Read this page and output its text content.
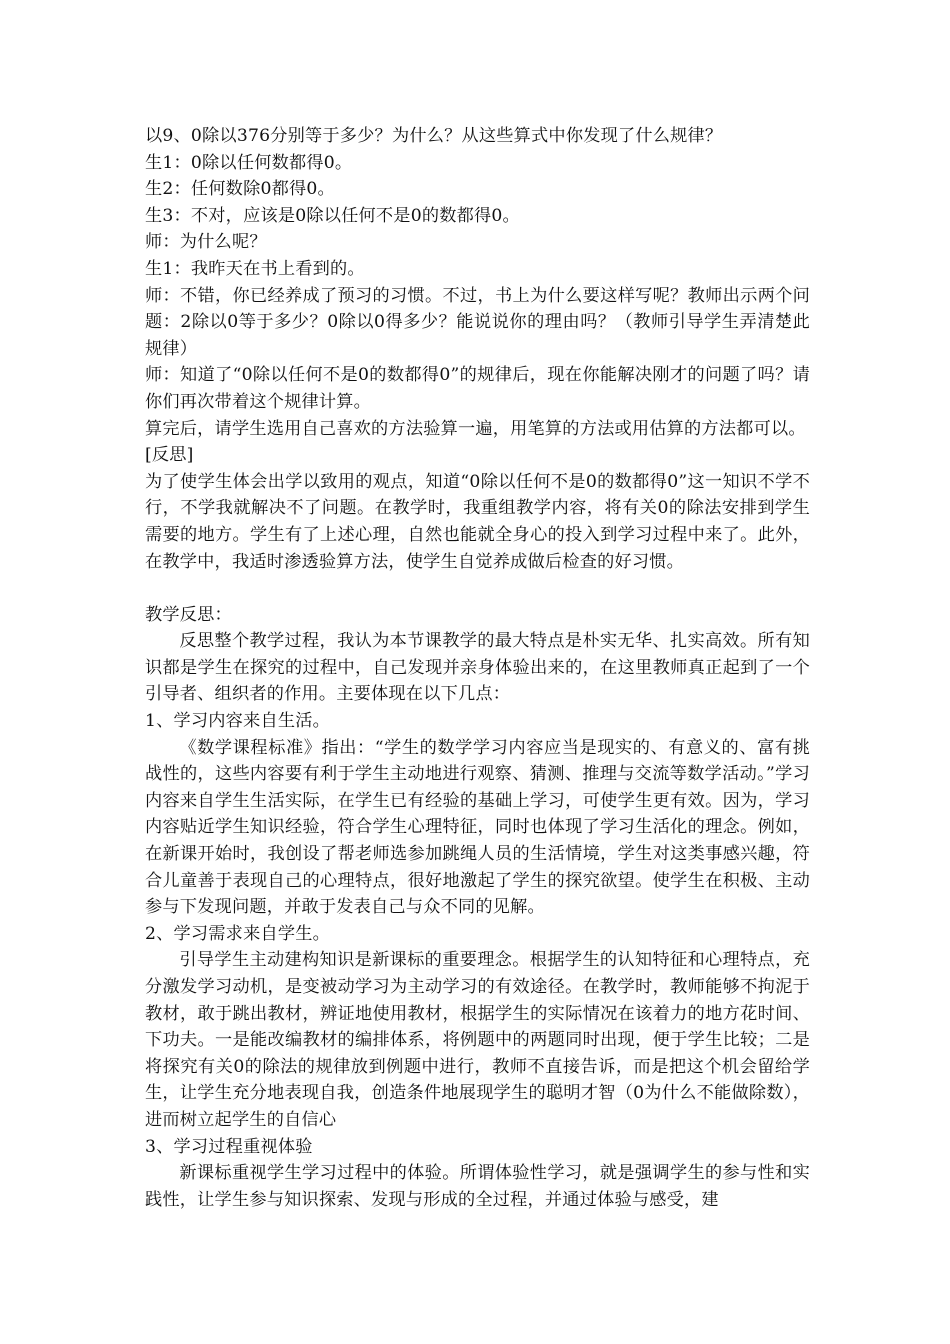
以9、0除以376分别等于多少？为什么？从这些算式中你发现了什么规律？

生1：0除以任何数都得0。

生2：任何数除0都得0。

生3：不对，应该是0除以任何不是0的数都得0。

师：为什么呢？

生1：我昨天在书上看到的。

师：不错，你已经养成了预习的习惯。不过，书上为什么要这样写呢？教师出示两个问题：2除以0等于多少？0除以0得多少？能说说你的理由吗？（教师引导学生弄清楚此规律）

师：知道了“0除以任何不是0的数都得0”的规律后，现在你能解决刚才的问题了吗？请你们再次带着这个规律计算。

算完后，请学生选用自己喜欢的方法验算一遍，用笔算的方法或用估算的方法都可以。

[反思]

为了使学生体会出学以致用的观点，知道“0除以任何不是0的数都得0”这一知识不学不行，不学我就解决不了问题。在教学时，我重组教学内容，将有关0的除法安排到学生需要的地方。学生有了上述心理，自然也能就全身心的投入到学习过程中来了。此外，在教学中，我适时渗透验算方法，使学生自觉养成做后检查的好习惯。

教学反思：

反思整个教学过程，我认为本节课教学的最大特点是朴实无华、扎实高效。所有知识都是学生在探究的过程中，自己发现并亲身体验出来的，在这里教师真正起到了一个引导者、组织者的作用。主要体现在以下几点：

1、学习内容来自生活。

《数学课程标准》指出：“学生的数学学习内容应当是现实的、有意义的、富有挑战性的，这些内容要有利于学生主动地进行观察、猜测、推理与交流等数学活动。”学习内容来自学生生活实际，在学生已有经验的基础上学习，可使学生更有效。因为，学习内容贴近学生知识经验，符合学生心理特征，同时也体现了学习生活化的理念。例如，在新课开始时，我创设了帮老师选参加跳绳人员的生活情境，学生对这类事感兴趣，符合儿童善于表现自己的心理特点，很好地激起了学生的探究欲望。使学生在积极、主动参与下发现问题，并敢于发表自己与众不同的见解。

2、学习需求来自学生。

引导学生主动建构知识是新课标的重要理念。根据学生的认知特征和心理特点，充分激发学习动机，是变被动学习为主动学习的有效途径。在教学时，教师能够不拘泥于教材，敢于跳出教材，辨证地使用教材，根据学生的实际情况在该着力的地方花时间、下功夫。一是能改编教材的编排体系，将例题中的两题同时出现，便于学生比较；二是将探究有关0的除法的规律放到例题中进行，教师不直接告诉，而是把这个机会留给学生，让学生充分地表现自我，创造条件地展现学生的聪明才智（0为什么不能做除数），进而树立起学生的自信心

3、学习过程重视体验

新课标重视学生学习过程中的体验。所谓体验性学习，就是强调学生的参与性和实践性，让学生参与知识探索、发现与形成的全过程，并通过体验与感受，建
